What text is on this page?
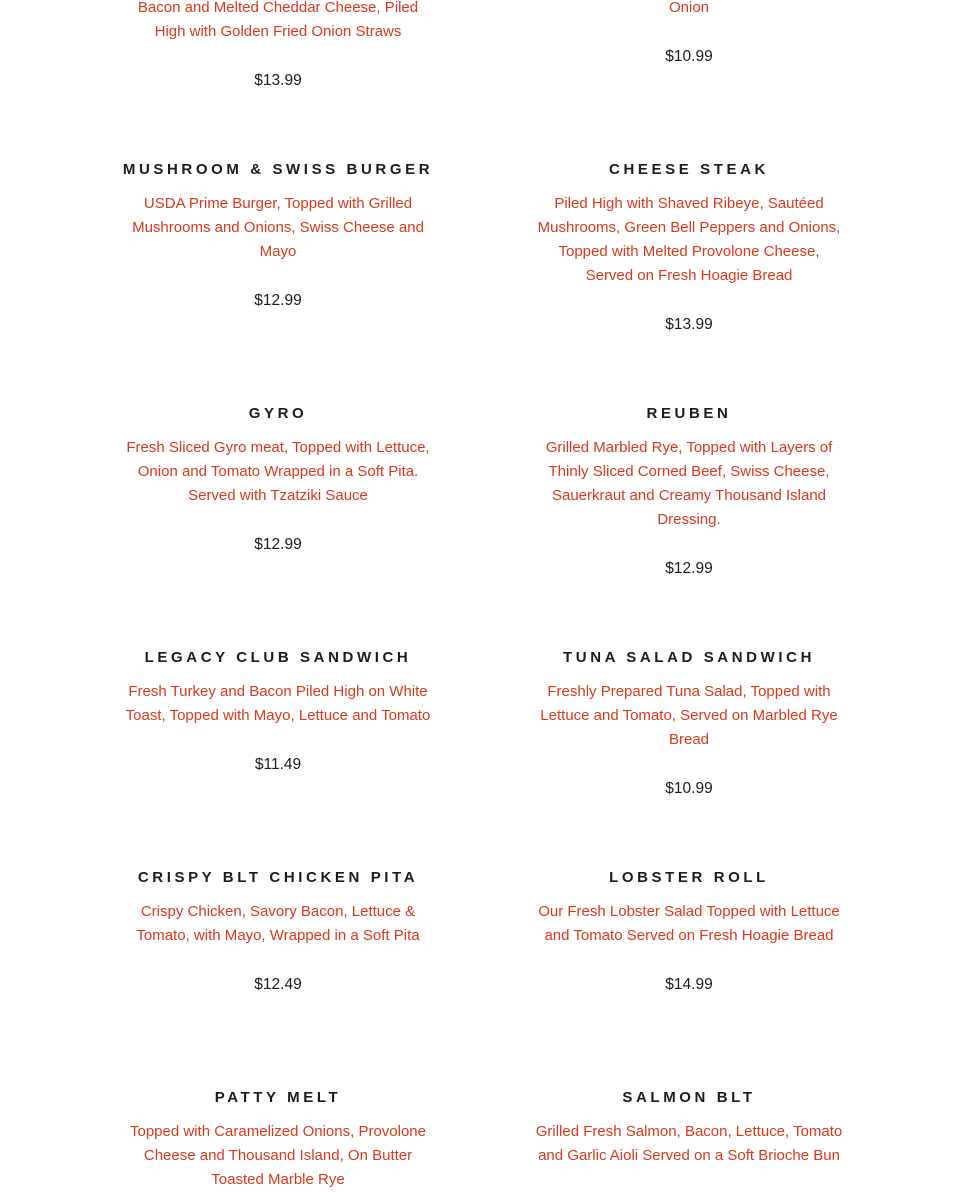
Bacon and Melted Cheddar Cheese, Piled High with Golden Fried Onion Straws

$13.99

Onion

$10.99

MUSHROOM & SWISS BURGER

USDA Prime Burger, Topped with Grilled Mushrooms and Onions, Swiss Cheese and Mayo

$12.99

CHEESE STEAK

Piled High with Shaved Ribeye, Sautéed Mushrooms, Green Bell Peppers and Onions, Topped with Melted Provolone Cheese, Served on Fresh Hoagie Bread

$13.99

GYRO

Fresh Sliced Gyro meat, Topped with Lettuce, Onion and Tomato Wrapped in a Soft Pita. Served with Tzatziki Sauce

$12.99

REUBEN

Grilled Marbled Rye, Topped with Layers of Thinly Sliced Corned Beef, Swiss Cheese, Sauerkraut and Creamy Thousand Island Dressing.

$12.99

LEGACY CLUB SANDWICH

Fresh Turkey and Bacon Piled High on White Toast, Topped with Mayo, Lettuce and Tomato

$11.49

TUNA SALAD SANDWICH

Freshly Prepared Tuna Salad, Topped with Lettuce and Tomato, Served on Marbled Rye Bread

$10.99

CRISPY BLT CHICKEN PITA

Crispy Chicken, Savory Bacon, Lettuce & Tomato, with Mayo, Wrapped in a Soft Pita

$12.49

LOBSTER ROLL

Our Fresh Lobster Salad Topped with Lettuce and Tomato Served on Fresh Hoagie Bread

$14.99

PATTY MELT

Topped with Caramelized Onions, Provolone Cheese and Thousand Island, On Butter Toasted Marble Rye

SALMON BLT

Grilled Fresh Salmon, Bacon, Lettuce, Tomato and Garlic Aioli Served on a Soft Brioche Bun
